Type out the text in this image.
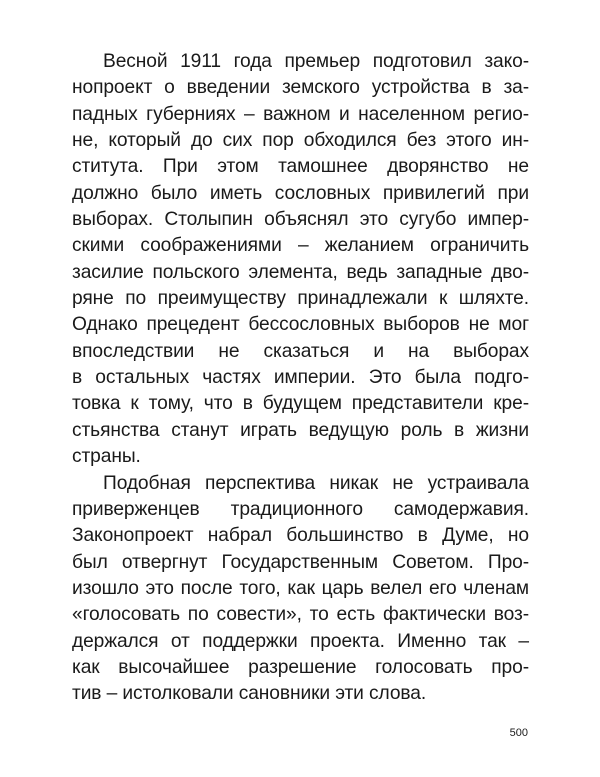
Весной 1911 года премьер подготовил зако-
нопроект о введении земского устройства в за-
падных губерниях – важном и населенном регио-
не, который до сих пор обходился без этого ин-
ститута. При этом тамошнее дворянство не
должно было иметь сословных привилегий при
выборах. Столыпин объяснял это сугубо импер-
скими соображениями – желанием ограничить
засилие польского элемента, ведь западные дво-
ряне по преимуществу принадлежали к шляхте.
Однако прецедент бессословных выборов не мог
впоследствии не сказаться и на выборах
в остальных частях империи. Это была подго-
товка к тому, что в будущем представители кре-
стьянства станут играть ведущую роль в жизни
страны.
Подобная перспектива никак не устраивала
приверженцев традиционного самодержавия.
Законопроект набрал большинство в Думе, но
был отвергнут Государственным Советом. Про-
изошло это после того, как царь велел его членам
«голосовать по совести», то есть фактически воз-
держался от поддержки проекта. Именно так –
как высочайшее разрешение голосовать про-
тив – истолковали сановники эти слова.
500
